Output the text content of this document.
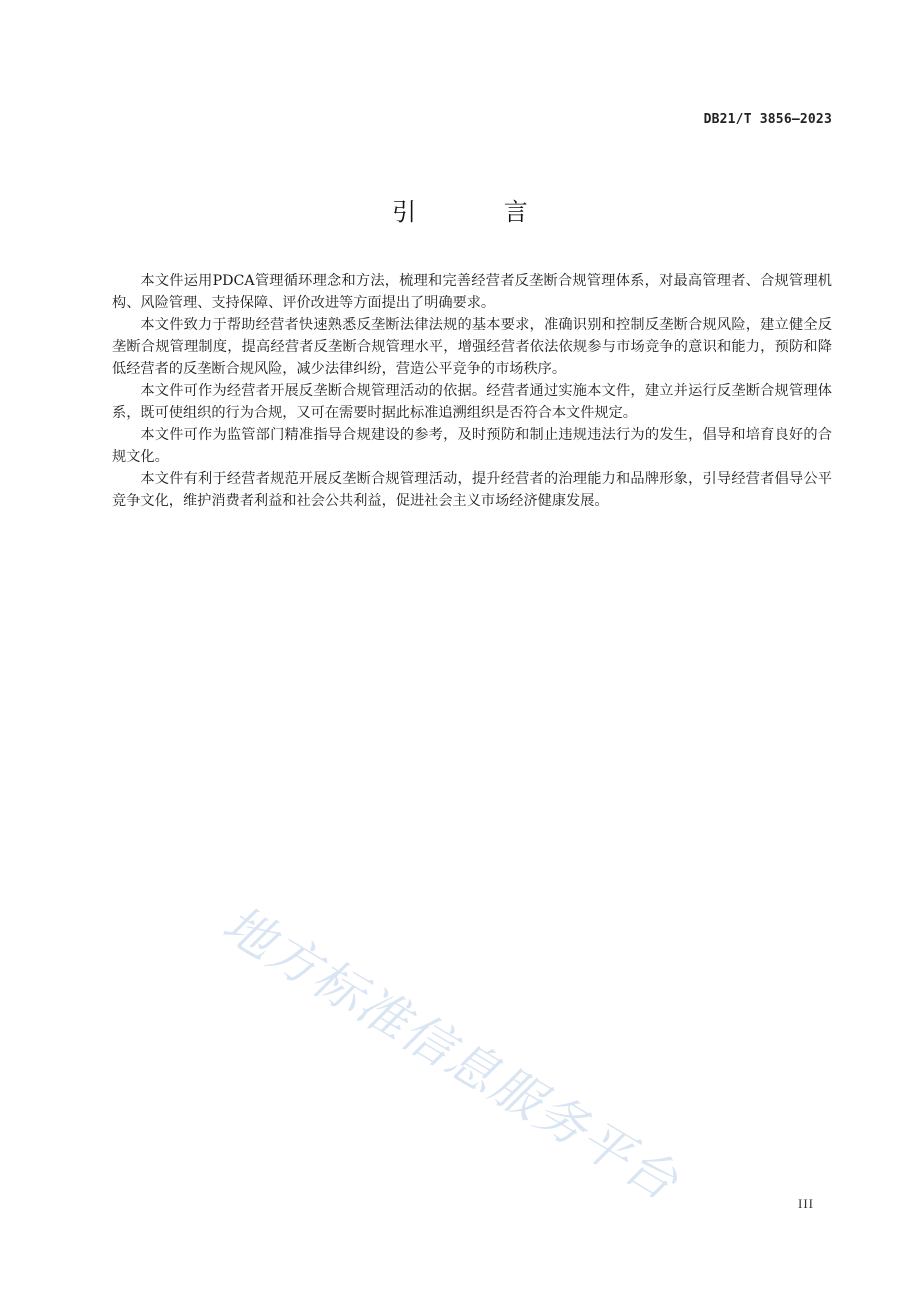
DB21/T 3856—2023
引 言

本文件运用PDCA管理循环理念和方法，梳理和完善经营者反垄断合规管理体系，对最高管理者、合规管理机构、风险管理、支持保障、评价改进等方面提出了明确要求。

本文件致力于帮助经营者快速熟悉反垄断法律法规的基本要求，准确识别和控制反垄断合规风险，建立健全反垄断合规管理制度，提高经营者反垄断合规管理水平，增强经营者依法依规参与市场竞争的意识和能力，预防和降低经营者的反垄断合规风险，减少法律纠纷，营造公平竞争的市场秩序。

本文件可作为经营者开展反垄断合规管理活动的依据。经营者通过实施本文件，建立并运行反垄断合规管理体系，既可使组织的行为合规，又可在需要时据此标准追溯组织是否符合本文件规定。

本文件可作为监管部门精准指导合规建设的参考，及时预防和制止违规违法行为的发生，倡导和培育良好的合规文化。

本文件有利于经营者规范开展反垄断合规管理活动，提升经营者的治理能力和品牌形象，引导经营者倡导公平竞争文化，维护消费者利益和社会公共利益，促进社会主义市场经济健康发展。

地方标准信息服务平台	III
